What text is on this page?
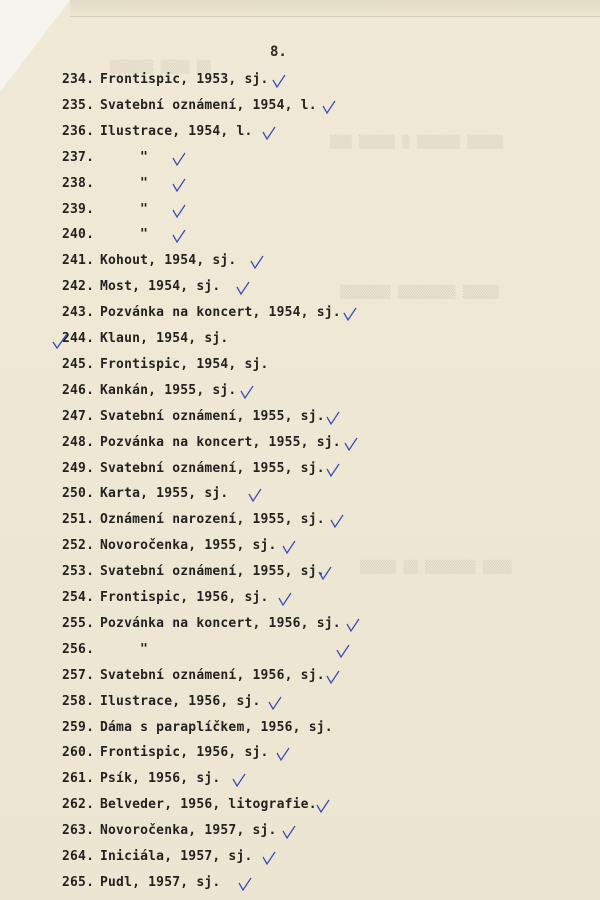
▒▒▒▒▒▒ ▒▒▒▒ ▒▒
▒▒▒ ▒▒▒▒▒ ▒ ▒▒▒▒▒▒ ▒▒▒▒▒
▒▒▒▒▒▒▒ ▒▒▒▒▒▒▒▒ ▒▒▒▒▒
▒▒▒▒▒ ▒▒ ▒▒▒▒▒▒▒ ▒▒▒▒
8.
234. Frontispic, 1953, sj.
235. Svatební oznámení, 1954, l.
236. Ilustrace, 1954, l.
237.	"
238.	"
239.	"
240.	"
241. Kohout, 1954, sj.
242. Most, 1954, sj.
243. Pozvánka na koncert, 1954, sj.
244. Klaun, 1954, sj.
245. Frontispic, 1954, sj.
246. Kankán, 1955, sj.
247. Svatební oznámení, 1955, sj.
248. Pozvánka na koncert, 1955, sj.
249. Svatební oznámení, 1955, sj.
250. Karta, 1955, sj.
251. Oznámení narození, 1955, sj.
252. Novoročenka, 1955, sj.
253. Svatební oznámení, 1955, sj.
254. Frontispic, 1956, sj.
255. Pozvánka na koncert, 1956, sj.
256.	"
257. Svatební oznámení, 1956, sj.
258. Ilustrace, 1956, sj.
259. Dáma s paraplíčkem, 1956, sj.
260. Frontispic, 1956, sj.
261. Psík, 1956, sj.
262. Belveder, 1956, litografie.
263. Novoročenka, 1957, sj.
264. Iniciála, 1957, sj.
265. Pudl, 1957, sj.
